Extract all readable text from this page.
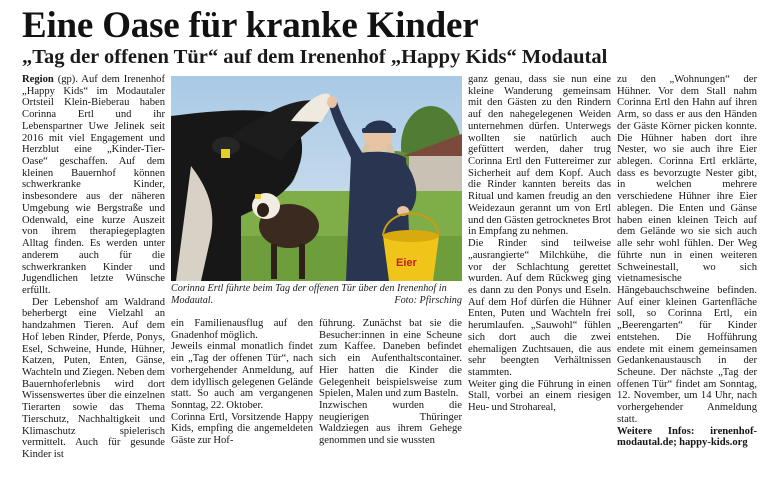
Eine Oase für kranke Kinder
„Tag der offenen Tür“ auf dem Irenenhof „Happy Kids“ Modautal

Region (gp). Auf dem Irenenhof „Happy Kids“ im Modautaler Ortsteil Klein-Bieberau haben Corinna Ertl und ihr Lebenspartner Uwe Jelinek seit 2016 mit viel Engagement und Herzblut eine „Kinder-Tier-Oase“ geschaffen. Auf dem kleinen Bauernhof können schwerkranke Kinder, insbesondere aus der näheren Umgebung wie Bergstraße und Odenwald, eine kurze Auszeit von ihrem therapiegeplagten Alltag finden. Es werden unter anderem auch für die schwerkranken Kinder und Jugendlichen letzte Wünsche erfüllt.

Der Lebenshof am Waldrand beherbergt eine Vielzahl an handzahmen Tieren. Auf dem Hof leben Rinder, Pferde, Ponys, Esel, Schweine, Hunde, Hühner, Katzen, Puten, Enten, Gänse, Wachteln und Ziegen. Neben dem Bauernhoferlebnis wird dort Wissenswertes über die einzelnen Tierarten sowie das Thema Tierschutz, Nachhaltigkeit und Klimaschutz spielerisch vermittelt. Auch für gesunde Kinder ist

Eier
Corinna Ertl führte beim Tag der offenen Tür über den Irenenhof in Modautal.	Foto: Pfirsching

ein Familienausflug auf den Gnadenhof möglich.

Jeweils einmal monatlich findet ein „Tag der offenen Tür“, nach vorhergehender Anmeldung, auf dem idyllisch gelegenen Gelände statt. So auch am vergangenen Sonntag, 22. Oktober.

Corinna Ertl, Vorsitzende Happy Kids, empfing die angemeldeten Gäste zur Hof-

führung. Zunächst bat sie die Besucher:innen in eine Scheune zum Kaffee. Daneben befindet sich ein Aufenthaltscontainer. Hier hatten die Kinder die Gelegenheit beispielsweise zum Spielen, Malen und zum Basteln.

Inzwischen wurden die neugierigen Thüringer Waldziegen aus ihrem Gehege genommen und sie wussten

ganz genau, dass sie nun eine kleine Wanderung gemeinsam mit den Gästen zu den Rindern auf den nahegelegenen Weiden unternehmen dürfen. Unterwegs wollten sie natürlich auch gefüttert werden, daher trug Corinna Ertl den Futtereimer zur Sicherheit auf dem Kopf. Auch die Rinder kannten bereits das Ritual und kamen freudig an den Weidezaun gerannt um von Ertl und den Gästen getrocknetes Brot in Empfang zu nehmen.

Die Rinder sind teilweise „ausrangierte“ Milchkühe, die vor der Schlachtung gerettet wurden. Auf dem Rückweg ging es dann zu den Ponys und Eseln. Auf dem Hof dürfen die Hühner Enten, Puten und Wachteln frei herumlaufen. „Sauwohl“ fühlen sich dort auch die zwei ehemaligen Zuchtsauen, die aus sehr beengten Verhältnissen stammten.

Weiter ging die Führung in einen Stall, vorbei an einem riesigen Heu- und Strohareal,

zu den „Wohnungen“ der Hühner. Vor dem Stall nahm Corinna Ertl den Hahn auf ihren Arm, so dass er aus den Händen der Gäste Körner picken konnte. Die Hühner haben dort ihre Nester, wo sie auch ihre Eier ablegen. Corinna Ertl erklärte, dass es bevorzugte Nester gibt, in welchen mehrere verschiedene Hühner ihre Eier ablegen. Die Enten und Gänse haben einen kleinen Teich auf dem Gelände wo sie sich auch alle sehr wohl fühlen. Der Weg führte nun in einen weiteren Schweinestall, wo sich vietnamesische Hängebauchschweine befinden. Auf einer kleinen Gartenfläche soll, so Corinna Ertl, ein „Beerengarten“ für Kinder entstehen. Die Hofführung endete mit einem gemeinsamen Gedankenaustausch in der Scheune. Der nächste „Tag der offenen Tür“ findet am Sonntag, 12. November, um 14 Uhr, nach vorhergehender Anmeldung statt.

Weitere Infos: irenenhof-modautal.de; happy-kids.org
